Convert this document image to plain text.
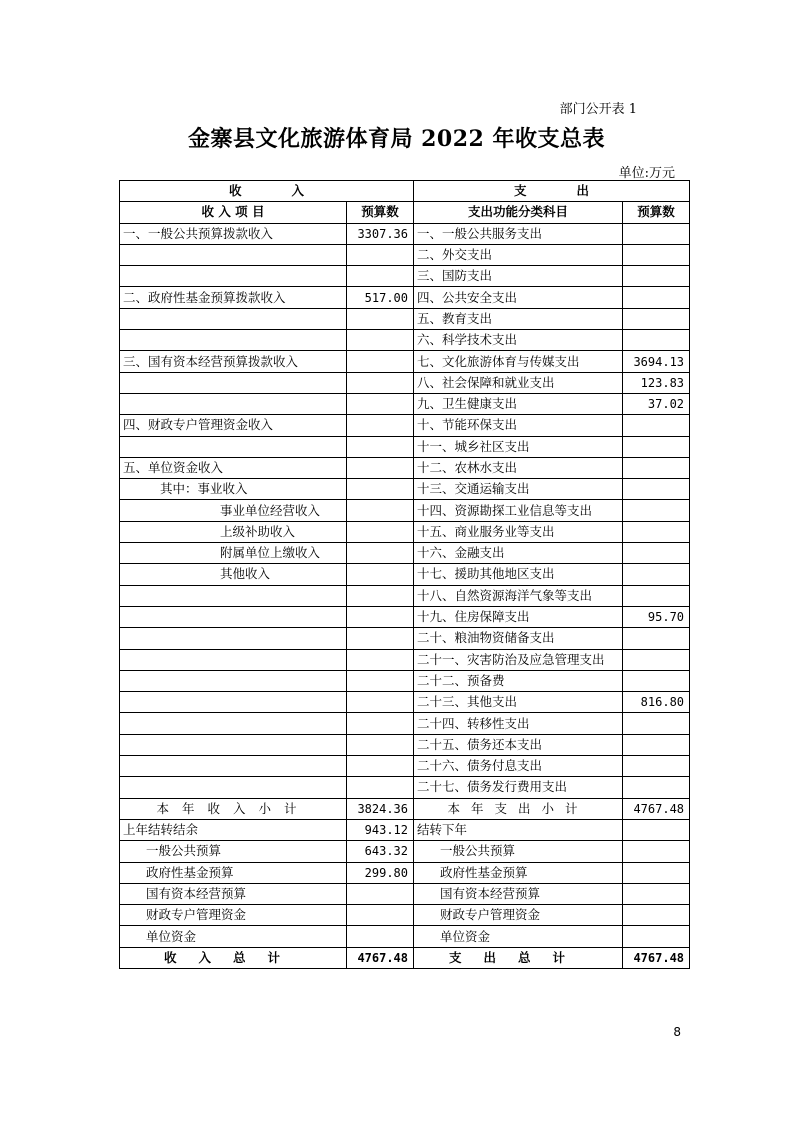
部门公开表 1
金寨县文化旅游体育局 2022 年收支总表
单位:万元
收　　　　入		支　　　　出	
收 入 项 目	预算数	支出功能分类科目	预算数
一、一般公共预算拨款收入	3307.36	一、一般公共服务支出	
		二、外交支出	
		三、国防支出	
二、政府性基金预算拨款收入	517.00	四、公共安全支出	
		五、教育支出	
		六、科学技术支出	
三、国有资本经营预算拨款收入		七、文化旅游体育与传媒支出	3694.13
		八、社会保障和就业支出	123.83
		九、卫生健康支出	37.02
四、财政专户管理资金收入		十、节能环保支出	
		十一、城乡社区支出	
五、单位资金收入		十二、农林水支出	
其中：事业收入		十三、交通运输支出	
事业单位经营收入		十四、资源勘探工业信息等支出	
上级补助收入		十五、商业服务业等支出	
附属单位上缴收入		十六、金融支出	
其他收入		十七、援助其他地区支出	
		十八、自然资源海洋气象等支出	
		十九、住房保障支出	95.70
		二十、粮油物资储备支出	
		二十一、灾害防治及应急管理支出	
		二十二、预备费	
		二十三、其他支出	816.80
		二十四、转移性支出	
		二十五、债务还本支出	
		二十六、债务付息支出	
		二十七、债务发行费用支出	
本年收入小计	3824.36	本年支出小计	4767.48
上年结转结余	943.12	结转下年	
一般公共预算	643.32	一般公共预算	
政府性基金预算	299.80	政府性基金预算	
国有资本经营预算		国有资本经营预算	
财政专户管理资金		财政专户管理资金	
单位资金		单位资金	
收入总计	4767.48	支出总计	4767.48
8
